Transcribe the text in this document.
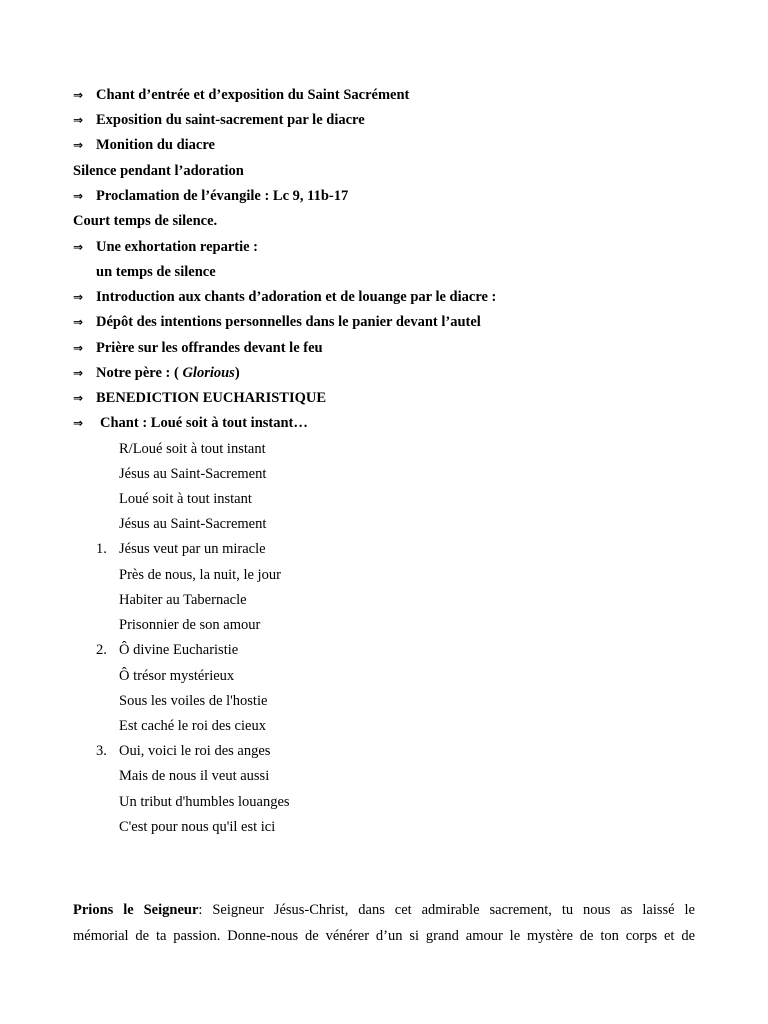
⇒ Chant d’entrée et d’exposition du Saint Sacrément
⇒ Exposition du saint-sacrement par le diacre
⇒ Monition du diacre
Silence pendant l’adoration
⇒ Proclamation de l’évangile : Lc 9, 11b-17
Court temps de silence.
⇒ Une exhortation repartie :
un temps de silence
⇒ Introduction aux chants d’adoration et de louange par le diacre :
⇒ Dépôt des intentions personnelles dans le panier devant l’autel
⇒ Prière sur les offrandes devant le feu
⇒ Notre père : ( Glorious)
⇒ BENEDICTION EUCHARISTIQUE
⇒ Chant : Loué soit à tout instant…
R/Loué soit à tout instant
Jésus au Saint-Sacrement
Loué soit à tout instant
Jésus au Saint-Sacrement
1. Jésus veut par un miracle
Près de nous, la nuit, le jour
Habiter au Tabernacle
Prisonnier de son amour
2. Ô divine Eucharistie
Ô trésor mystérieux
Sous les voiles de l'hostie
Est caché le roi des cieux
3. Oui, voici le roi des anges
Mais de nous il veut aussi
Un tribut d'humbles louanges
C'est pour nous qu'il est ici
Prions le Seigneur: Seigneur Jésus-Christ, dans cet admirable sacrement, tu nous as laissé le
mémorial de ta passion. Donne-nous de vénérer d’un si grand amour le mystère de ton corps et de
